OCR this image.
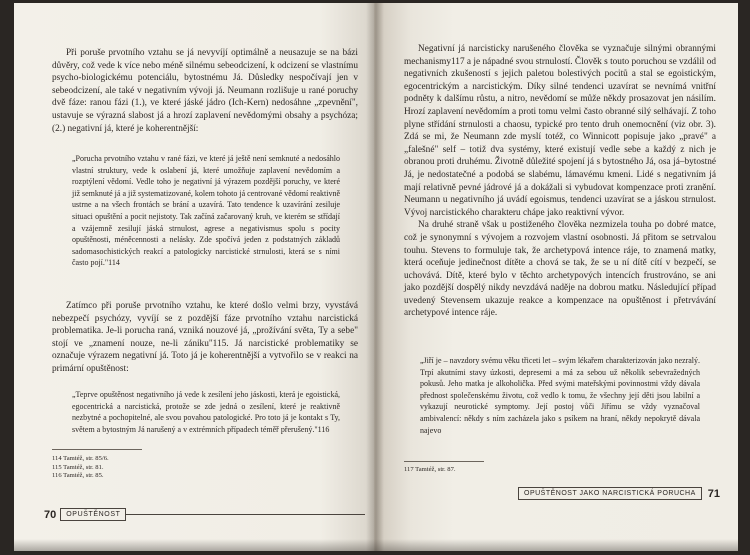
Při poruše prvotního vztahu se já nevyvíjí optimálně a neusazuje se na bázi důvěry, což vede k více nebo méně silnému sebeodcizení, k odcizení se vlastnímu psycho-biologickému potenciálu, bytostnému Já. Důsledky nespočívají jen v sebeodcizení, ale také v negativním vývoji já. Neumann rozlišuje u rané poruchy dvě fáze: ranou fázi (1.), ve které jáské jádro (Ich-Kern) nedosáhne „zpevnění", ustavuje se výrazná slabost já a hrozí zaplavení nevědomými obsahy a psychóza; (2.) negativní já, které je koherentnější:

„Porucha prvotního vztahu v rané fázi, ve které já ještě není semknuté a nedosáhlo vlastní struktury, vede k oslabení já, které umožňuje zaplavení nevědomím a rozptýlení vědomí. Vedle toho je negativní já výrazem pozdější poruchy, ve které již semknuté já a již systematizované, kolem tohoto já centrované vědomí reaktivně ustrne a na všech frontách se brání a uzavírá. Tato tendence k uzavírání zesiluje situaci opuštění a pocit nejistoty. Tak začíná začarovaný kruh, ve kterém se střídají a vzájemně zesilují jáská strnulost, agrese a negativismus spolu s pocity opuštěnosti, méněcennosti a nelásky. Zde spočívá jeden z podstatných základů sadomasochistických reakcí a patologicky narcistické strnulosti, která se s ními často pojí."114

Zatímco při poruše prvotního vztahu, ke které došlo velmi brzy, vyvstává nebezpečí psychózy, vyvíjí se z pozdější fáze prvotního vztahu narcistická problematika. Je-li porucha raná, vzniká nouzové já, „prožívání světa, Ty a sebe" stojí ve „znamení nouze, ne-li zániku"115. Já narcistické problematiky se označuje výrazem negativní já. Toto já je koherentnější a vytvořilo se v reakci na primární opuštěnost:

„Teprve opuštěnost negativního já vede k zesílení jeho jáskosti, která je egoistická, egocentrická a narcistická, protože se zde jedná o zesílení, které je reaktivně nezbytné a pochopitelné, ale svou povahou patologické. Pro toto já je kontakt s Ty, světem a bytostným Já narušený a v extrémních případech téměř přerušený."116

114 Tamtéž, str. 85/6.
115 Tamtéž, str. 81.
116 Tamtéž, str. 85.
70	OPUŠTĚNOST

Negativní já narcisticky narušeného člověka se vyznačuje silnými obrannými mechanismy117 a je nápadné svou strnulostí. Člověk s touto poruchou se vzdálil od negativních zkušeností s jejich paletou bolestivých pocitů a stal se egoistickým, egocentrickým a narcistickým. Díky silné tendenci uzavírat se nevnímá vnitřní podněty k dalšímu růstu, a nitro, nevědomí se může někdy prosazovat jen násilím. Hrozí zaplavení nevědomím a proti tomu velmi často obranné silý selhávají. Z toho plyne střídání strnulosti a chaosu, typické pro tento druh onemocnění (viz obr. 3). Zdá se mi, že Neumann zde myslí totéž, co Winnicott popisuje jako „pravé" a „falešné" self – totiž dva systémy, které existují vedle sebe a každý z nich je obranou proti druhému. Životně důležité spojení já s bytostného Já, osa já–bytostné Já, je nedostatečné a podobá se slabému, lámavému kmeni. Lidé s negativním já mají relativně pevné jádrové já a dokážali si vybudovat kompenzace proti zranění. Neumann u negativního já uvádí egoismus, tendenci uzavírat se a jáskou strnulost. Vývoj narcistického charakteru chápe jako reaktivní vývor.

Na druhé straně však u postiženého člověka nezmizela touha po dobré matce, což je synonymní s vývojem a rozvojem vlastní osobnosti. Já přitom se setrvalou touhu. Stevens to formuluje tak, že archetypová intence ráje, to znamená matky, která oceňuje jedinečnost dítěte a chová se tak, že se u ní dítě cítí v bezpečí, se uchovává. Dítě, které bylo v těchto archetypových intencích frustrováno, se ani jako pozdější dospělý nikdy nevzdává naděje na dobrou matku. Následující případ uvedený Stevensem ukazuje reakce a kompenzace na opuštěnost i přetrvávání archetypové intence ráje.

„Jiří je – navzdory svému věku třiceti let – svým lékařem charakterizován jako nezralý. Trpí akutními stavy úzkosti, depresemi a má za sebou už několik sebevražedných pokusů. Jeho matka je alkoholička. Před svými mateřskými povinnostmi vždy dávala přednost společenskému životu, což vedlo k tomu, že všechny její děti jsou labilní a vykazují neurotické symptomy. Její postoj vůči Jiřímu se vždy vyznačoval ambivalencí: někdy s ním zacházela jako s psíkem na hraní, někdy nepokrytě dávala najevo

117 Tamtéž, str. 87.
OPUŠTĚNOST JAKO NARCISTICKÁ PORUCHA	71
